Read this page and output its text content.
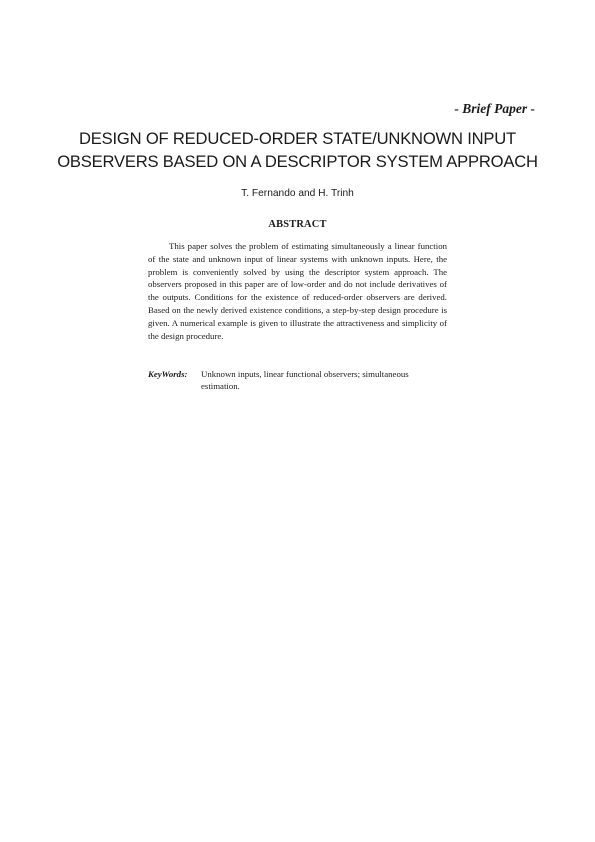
- Brief Paper -
DESIGN OF REDUCED-ORDER STATE/UNKNOWN INPUT
OBSERVERS BASED ON A DESCRIPTOR SYSTEM APPROACH
T. Fernando and H. Trinh
ABSTRACT

This paper solves the problem of estimating simultaneously a linear function of the state and unknown input of linear systems with unknown inputs. Here, the problem is conveniently solved by using the descriptor system approach. The observers proposed in this paper are of low-order and do not include derivatives of the outputs. Conditions for the existence of reduced-order observers are derived. Based on the newly derived existence conditions, a step-by-step design procedure is given. A numerical example is given to illustrate the attractiveness and simplicity of the design procedure.

KeyWords:	Unknown inputs, linear functional observers; simultaneous estimation.
